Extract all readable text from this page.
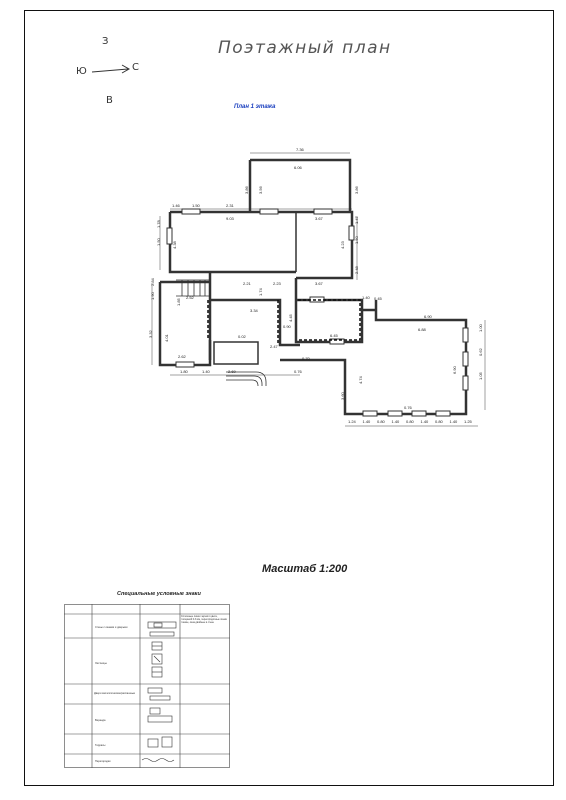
Поэтажный план
З
Ю	С
В
План 1 этажа
7.36
6.06
3.86 3.56	3.86
1.46	1.50	2.31
9.03	3.67
1.78
1.50	4.38
1.47
1.50
4.23
2.21	2.23	3.67
2.48
1.74
1.85
2.52
2.84
1.90
4.01
2.62
3.32
1.80	1.40	2.69	0.76
3.34
0.90
4.45
2.47
0.02
0.70
6.90
6.88
4.74
0.76
6.90
1.00
0.62
1.05
3.60
6.45
0.45
1.40
1.24 1.40 0.80 1.40 0.80 1.40 0.80 1.40 1.25
Масштаб 1:200
Специальные условные знаки
Стены с окнами и дверьми
Лестницы
Двери металлические/распашные
Веранда
Террасы
Перегородки
Сплошные линии черного цвета, толщиной 0.3 мм, перегородочные линии тонкие, окна двойные в стене
